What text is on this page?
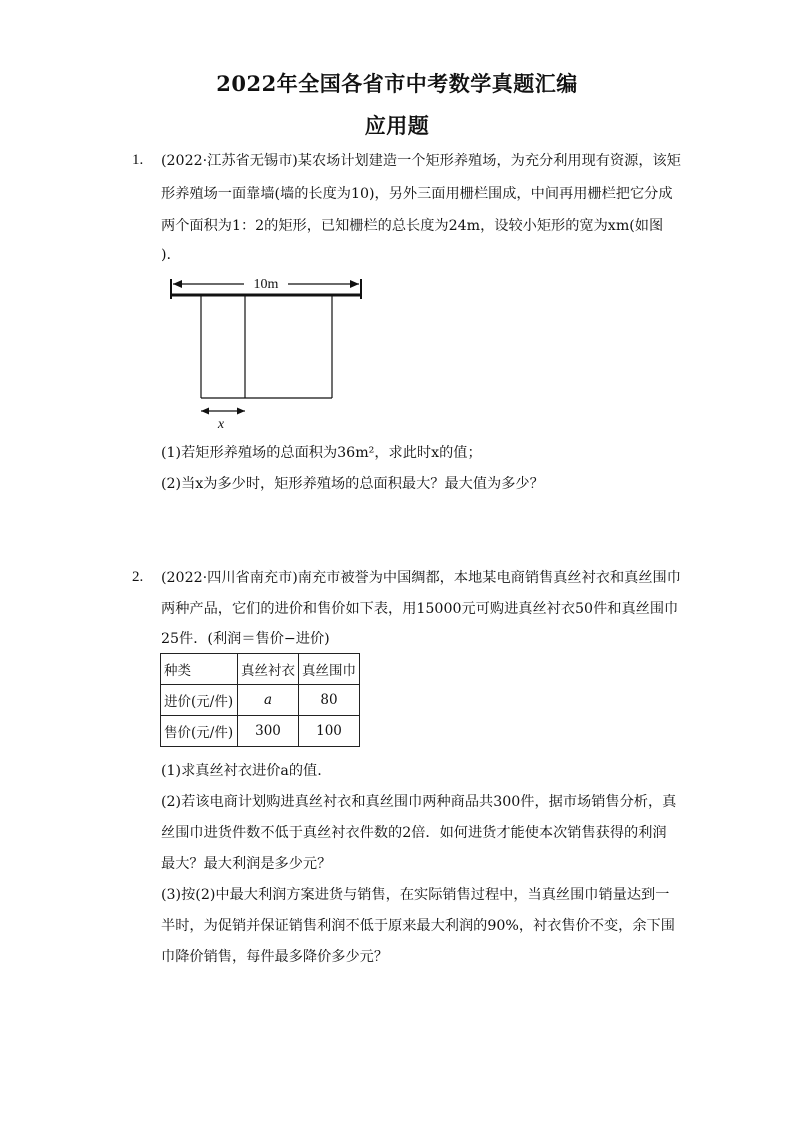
2022年全国各省市中考数学真题汇编
应用题
1. (2022·江苏省无锡市)某农场计划建造一个矩形养殖场，为充分利用现有资源，该矩
形养殖场一面靠墙(墙的长度为10)，另外三面用栅栏围成，中间再用栅栏把它分成
两个面积为1：2的矩形，已知栅栏的总长度为24m，设较小矩形的宽为xm(如图
).
10m
x
(1)若矩形养殖场的总面积为36m²，求此时x的值；
(2)当x为多少时，矩形养殖场的总面积最大？最大值为多少？
2. (2022·四川省南充市)南充市被誉为中国绸都，本地某电商销售真丝衬衣和真丝围巾
两种产品，它们的进价和售价如下表，用15000元可购进真丝衬衣50件和真丝围巾
25件．(利润＝售价−进价)
种类	真丝衬衣	真丝围巾
进价(元/件)	a	80
售价(元/件)	300	100
(1)求真丝衬衣进价a的值.
(2)若该电商计划购进真丝衬衣和真丝围巾两种商品共300件，据市场销售分析，真
丝围巾进货件数不低于真丝衬衣件数的2倍．如何进货才能使本次销售获得的利润
最大？最大利润是多少元？
(3)按(2)中最大利润方案进货与销售，在实际销售过程中，当真丝围巾销量达到一
半时，为促销并保证销售利润不低于原来最大利润的90%，衬衣售价不变，余下围
巾降价销售，每件最多降价多少元？
